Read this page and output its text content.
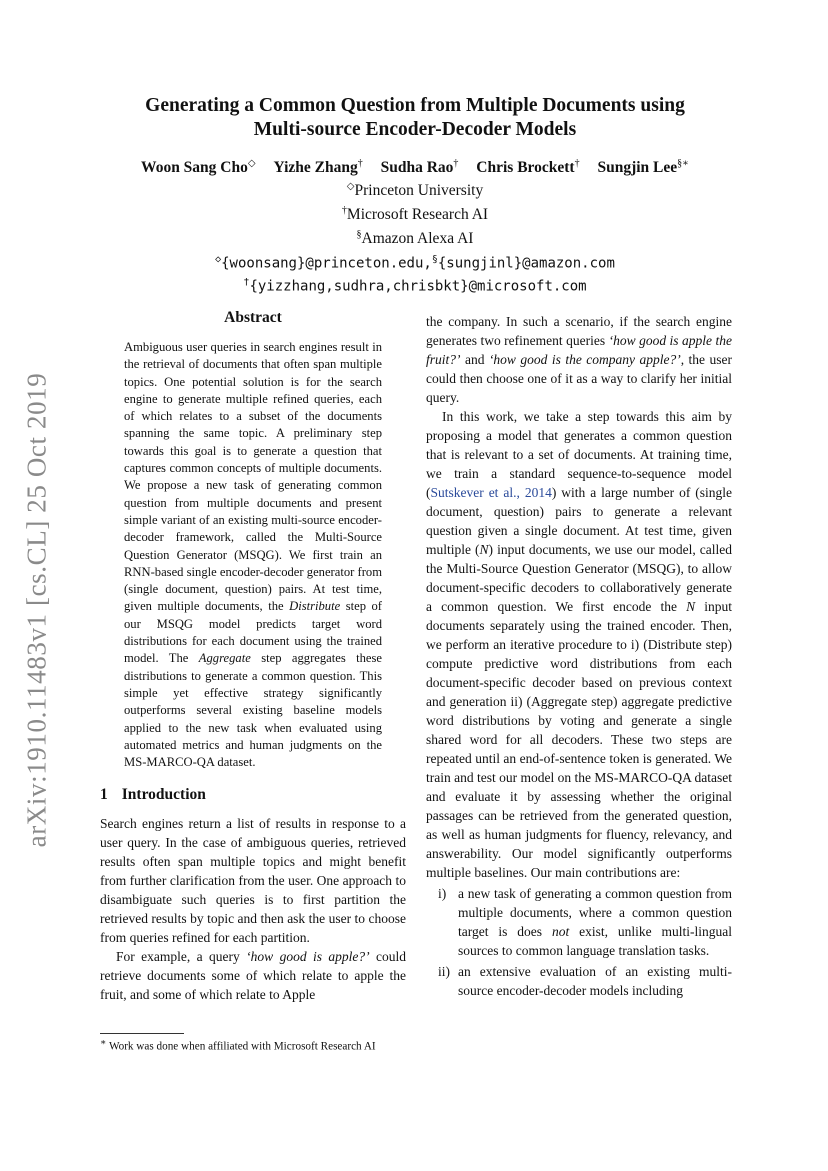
arXiv:1910.11483v1 [cs.CL] 25 Oct 2019
Generating a Common Question from Multiple Documents using
Multi-source Encoder-Decoder Models
Woon Sang Cho◇ Yizhe Zhang† Sudha Rao† Chris Brockett† Sungjin Lee§∗
◇Princeton University
†Microsoft Research AI
§Amazon Alexa AI
◇{woonsang}@princeton.edu,§{sungjinl}@amazon.com
†{yizzhang,sudhra,chrisbkt}@microsoft.com
Abstract

Ambiguous user queries in search engines result in the retrieval of documents that often span multiple topics. One potential solution is for the search engine to generate multiple refined queries, each of which relates to a subset of the documents spanning the same topic. A preliminary step towards this goal is to generate a question that captures common concepts of multiple documents. We propose a new task of generating common question from multiple documents and present simple variant of an existing multi-source encoder-decoder framework, called the Multi-Source Question Generator (MSQG). We first train an RNN-based single encoder-decoder generator from (single document, question) pairs. At test time, given multiple documents, the Distribute step of our MSQG model predicts target word distributions for each document using the trained model. The Aggregate step aggregates these distributions to generate a common question. This simple yet effective strategy significantly outperforms several existing baseline models applied to the new task when evaluated using automated metrics and human judgments on the MS-MARCO-QA dataset.

1 Introduction

Search engines return a list of results in response to a user query. In the case of ambiguous queries, retrieved results often span multiple topics and might benefit from further clarification from the user. One approach to disambiguate such queries is to first partition the retrieved results by topic and then ask the user to choose from queries refined for each partition.

For example, a query ‘how good is apple?’ could retrieve documents some of which relate to apple the fruit, and some of which relate to Apple

the company. In such a scenario, if the search engine generates two refinement queries ‘how good is apple the fruit?’ and ‘how good is the company apple?’, the user could then choose one of it as a way to clarify her initial query.

In this work, we take a step towards this aim by proposing a model that generates a common question that is relevant to a set of documents. At training time, we train a standard sequence-to-sequence model (Sutskever et al., 2014) with a large number of (single document, question) pairs to generate a relevant question given a single document. At test time, given multiple (N) input documents, we use our model, called the Multi-Source Question Generator (MSQG), to allow document-specific decoders to collaboratively generate a common question. We first encode the N input documents separately using the trained encoder. Then, we perform an iterative procedure to i) (Distribute step) compute predictive word distributions from each document-specific decoder based on previous context and generation ii) (Aggregate step) aggregate predictive word distributions by voting and generate a single shared word for all decoders. These two steps are repeated until an end-of-sentence token is generated. We train and test our model on the MS-MARCO-QA dataset and evaluate it by assessing whether the original passages can be retrieved from the generated question, as well as human judgments for fluency, relevancy, and answerability. Our model significantly outperforms multiple baselines. Our main contributions are:

i) a new task of generating a common question from multiple documents, where a common question target is does not exist, unlike multi-lingual sources to common language translation tasks.
ii) an extensive evaluation of an existing multi-source encoder-decoder models including
∗ Work was done when affiliated with Microsoft Research AI
